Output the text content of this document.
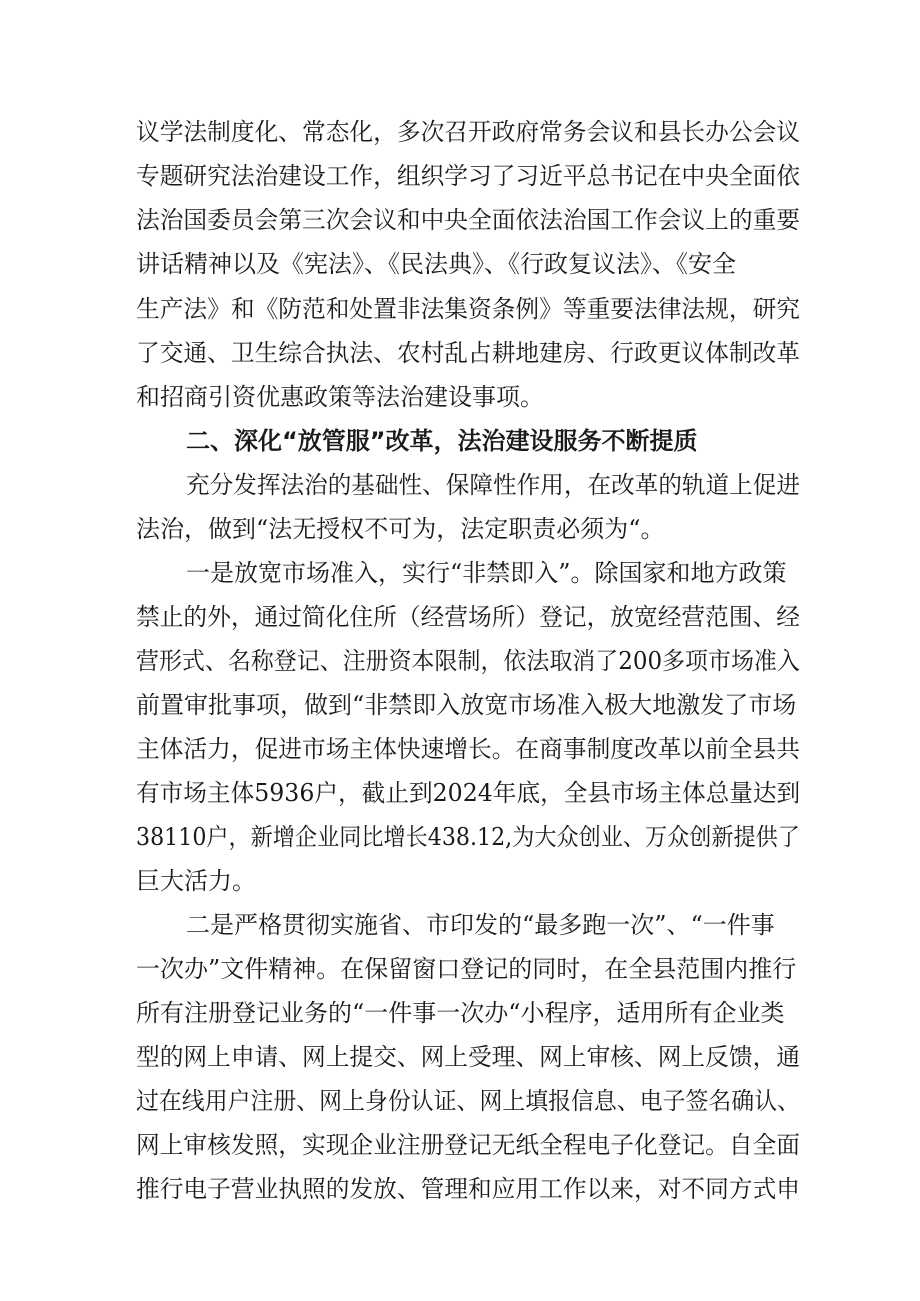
议学法制度化、常态化，多次召开政府常务会议和县长办公会议
专题研究法治建设工作，组织学习了习近平总书记在中央全面依
法治国委员会第三次会议和中央全面依法治国工作会议上的重要
讲话精神以及《宪法》、《民法典》、《行政复议法》、《安全
生产法》和《防范和处置非法集资条例》等重要法律法规，研究
了交通、卫生综合执法、农村乱占耕地建房、行政更议体制改革
和招商引资优惠政策等法治建设事项。
二、深化“放管服”改革，法治建设服务不断提质
充分发挥法治的基础性、保障性作用，在改革的轨道上促进
法治，做到“法无授权不可为，法定职责必须为“。
一是放宽市场准入，实行“非禁即入”。除国家和地方政策
禁止的外，通过简化住所（经营场所）登记，放宽经营范围、经
营形式、名称登记、注册资本限制，依法取消了200多项市场准入
前置审批事项，做到“非禁即入放宽市场准入极大地激发了市场
主体活力，促进市场主体快速增长。在商事制度改革以前全县共
有市场主体5936户，截止到2024年底，全县市场主体总量达到
38110户，新增企业同比增长438.12,为大众创业、万众创新提供了
巨大活力。
二是严格贯彻实施省、市印发的“最多跑一次”、“一件事
一次办”文件精神。在保留窗口登记的同时，在全县范围内推行
所有注册登记业务的“一件事一次办“小程序，适用所有企业类
型的网上申请、网上提交、网上受理、网上审核、网上反馈，通
过在线用户注册、网上身份认证、网上填报信息、电子签名确认、
网上审核发照，实现企业注册登记无纸全程电子化登记。自全面
推行电子营业执照的发放、管理和应用工作以来，对不同方式申
